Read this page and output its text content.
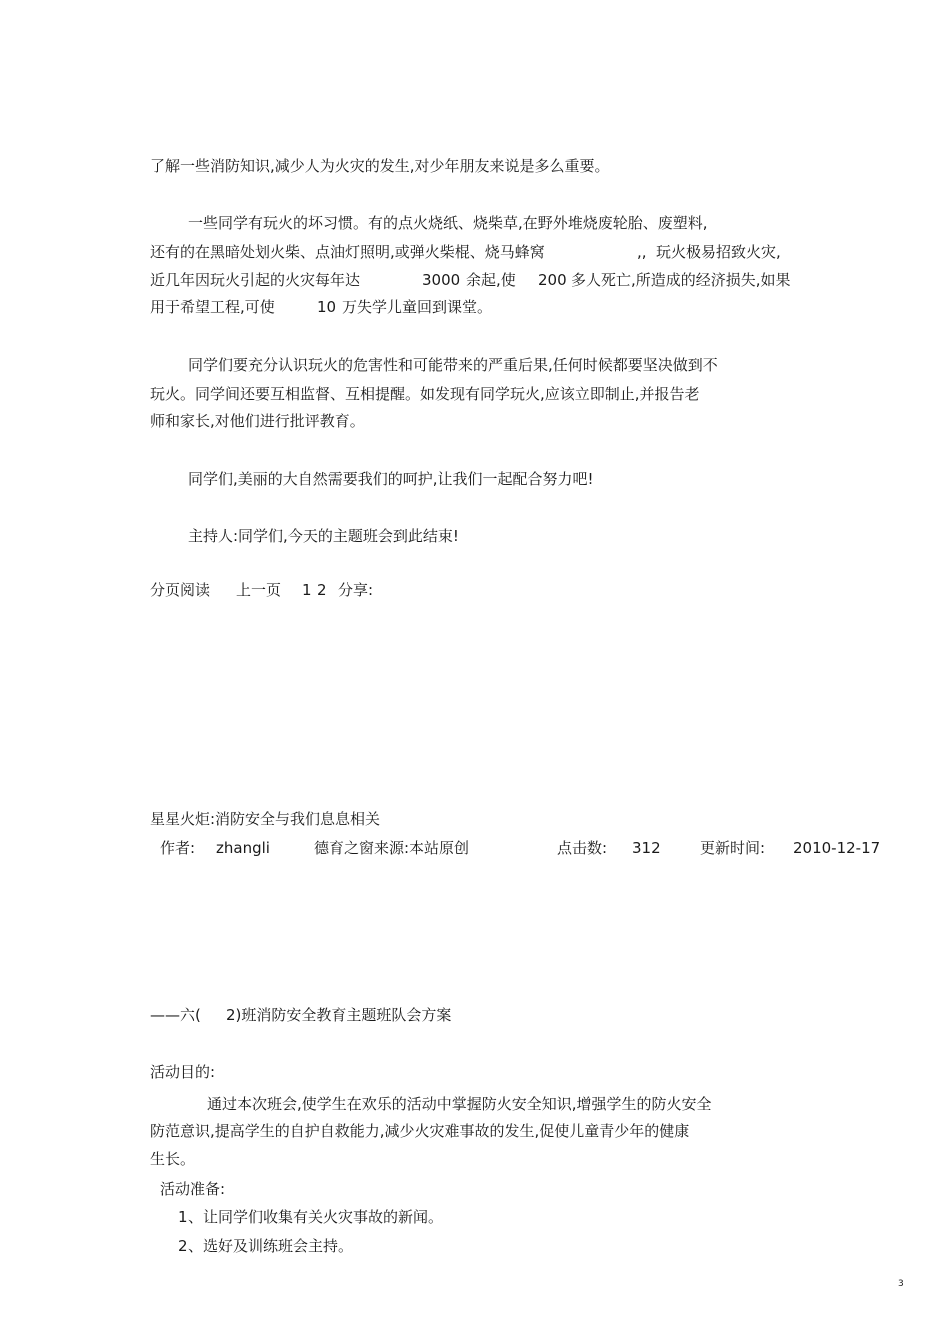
了解一些消防知识,减少人为火灾的发生,对少年朋友来说是多么重要。
一些同学有玩火的坏习惯。有的点火烧纸、烧柴草,在野外堆烧废轮胎、废塑料,
还有的在黑暗处划火柴、点油灯照明,或弹火柴棍、烧马蜂窝	,, 玩火极易招致火灾,
近几年因玩火引起的火灾每年达	3000 余起,使 200 多人死亡,所造成的经济损失,如果
用于希望工程,可使	10 万失学儿童回到课堂。
同学们要充分认识玩火的危害性和可能带来的严重后果,任何时候都要坚决做到不
玩火。同学间还要互相监督、互相提醒。如发现有同学玩火,应该立即制止,并报告老
师和家长,对他们进行批评教育。
同学们,美丽的大自然需要我们的呵护,让我们一起配合努力吧!
主持人:同学们,今天的主题班会到此结束!
分页阅读 上一页 1 2 分享:
星星火炬:消防安全与我们息息相关
作者: zhangli	德育之窗来源:本站原创	点击数: 312	更新时间: 2010-12-17
——六( 2)班消防安全教育主题班队会方案
活动目的:
通过本次班会,使学生在欢乐的活动中掌握防火安全知识,增强学生的防火安全
防范意识,提高学生的自护自救能力,减少火灾难事故的发生,促使儿童青少年的健康
生长。
活动准备:
1 、让同学们收集有关火灾事故的新闻。
2 、选好及训练班会主持。
3
